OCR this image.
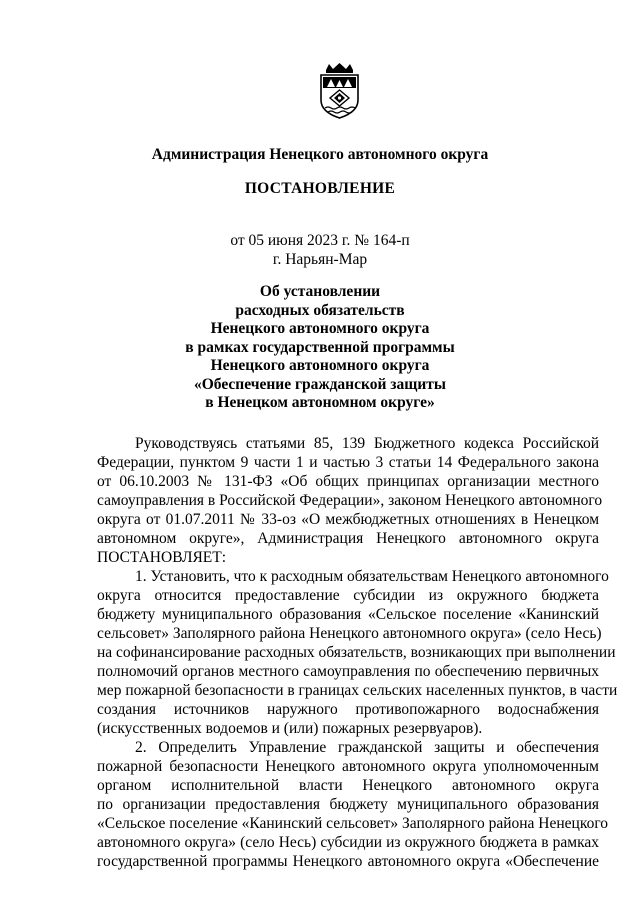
Администрация Ненецкого автономного округа
ПОСТАНОВЛЕНИЕ
от 05 июня 2023 г. № 164-п
г. Нарьян-Мар
Об установлении
расходных обязательств
Ненецкого автономного округа
в рамках государственной программы
Ненецкого автономного округа
«Обеспечение гражданской защиты
в Ненецком автономном округе»
Руководствуясь статьями 85, 139 Бюджетного кодекса Российской
Федерации, пунктом 9 части 1 и частью 3 статьи 14 Федерального закона
от 06.10.2003 № 131-ФЗ «Об общих принципах организации местного
самоуправления в Российской Федерации», законом Ненецкого автономного
округа от 01.07.2011 № 33-оз «О межбюджетных отношениях в Ненецком
автономном округе», Администрация Ненецкого автономного округа
ПОСТАНОВЛЯЕТ:
1. Установить, что к расходным обязательствам Ненецкого автономного
округа относится предоставление субсидии из окружного бюджета
бюджету муниципального образования «Сельское поселение «Канинский
сельсовет» Заполярного района Ненецкого автономного округа» (село Несь)
на софинансирование расходных обязательств, возникающих при выполнении
полномочий органов местного самоуправления по обеспечению первичных
мер пожарной безопасности в границах сельских населенных пунктов, в части
создания источников наружного противопожарного водоснабжения
(искусственных водоемов и (или) пожарных резервуаров).
2. Определить Управление гражданской защиты и обеспечения
пожарной безопасности Ненецкого автономного округа уполномоченным
органом исполнительной власти Ненецкого автономного округа
по организации предоставления бюджету муниципального образования
«Сельское поселение «Канинский сельсовет» Заполярного района Ненецкого
автономного округа» (село Несь) субсидии из окружного бюджета в рамках
государственной программы Ненецкого автономного округа «Обеспечение
